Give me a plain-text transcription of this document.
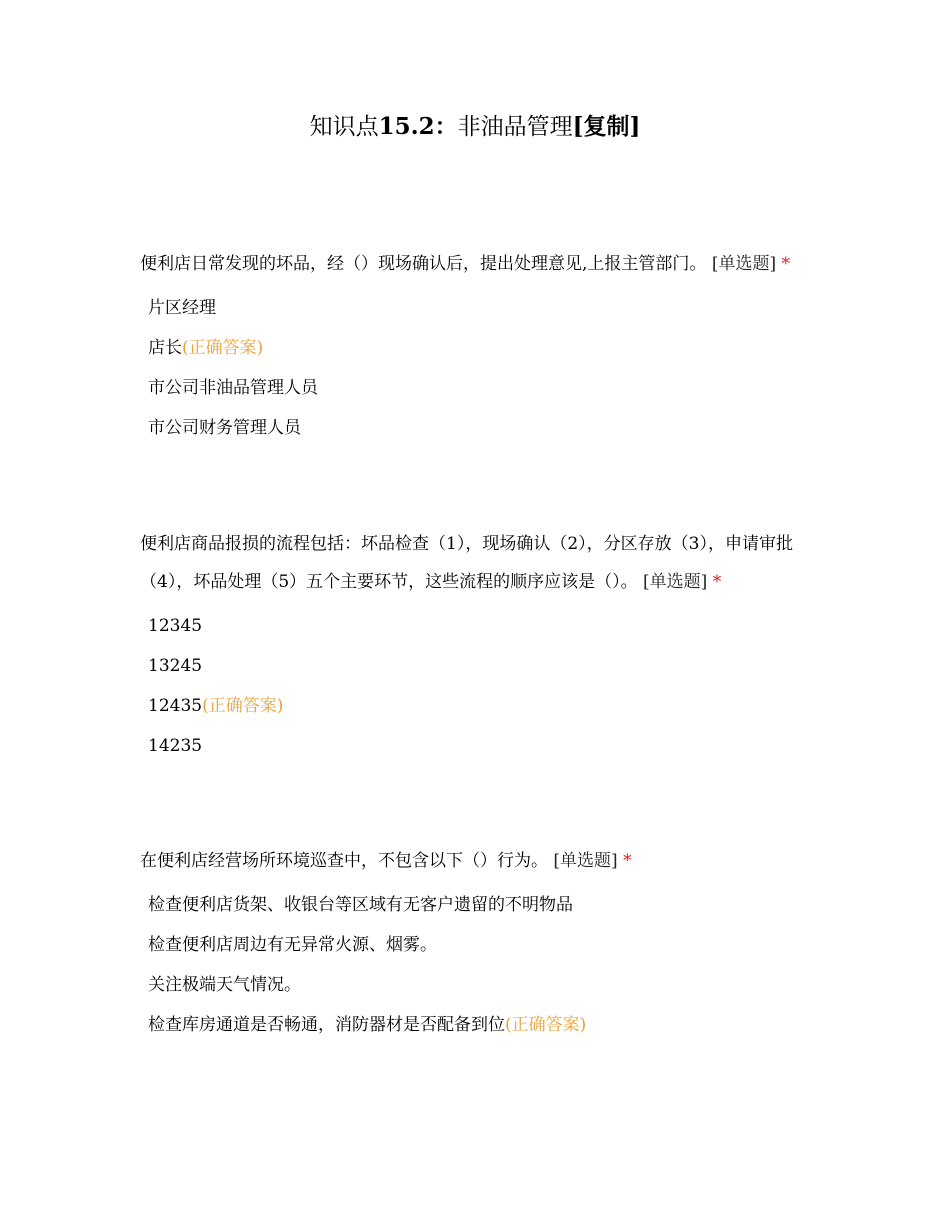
知识点15.2：非油品管理[复制]

便利店日常发现的坏品，经（）现场确认后，提出处理意见,上报主管部门。 [单选题] *

片区经理
店长(正确答案)
市公司非油品管理人员
市公司财务管理人员

便利店商品报损的流程包括：坏品检查（1），现场确认（2），分区存放（3），申请审批（4），坏品处理（5）五个主要环节，这些流程的顺序应该是（）。 [单选题] *

12345
13245
12435(正确答案)
14235

在便利店经营场所环境巡查中，不包含以下（）行为。 [单选题] *

检查便利店货架、收银台等区域有无客户遗留的不明物品
检查便利店周边有无异常火源、烟雾。
关注极端天气情况。
检查库房通道是否畅通，消防器材是否配备到位(正确答案)
